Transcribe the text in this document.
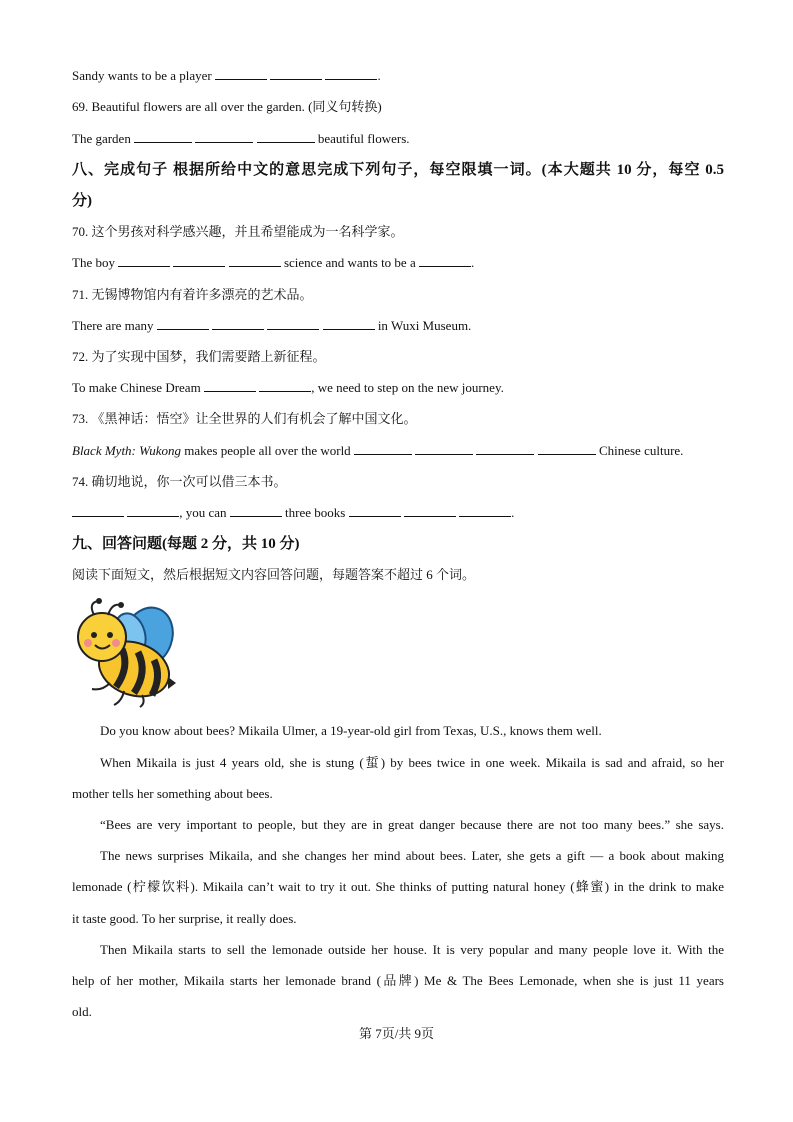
Sandy wants to be a player	.
69. Beautiful flowers are all over the garden. (同义句转换)
The garden	beautiful flowers.
八、完成句子 根据所给中文的意思完成下列句子，每空限填一词。(本大题共 10 分，每空 0.5
分)
70. 这个男孩对科学感兴趣，并且希望能成为一名科学家。
The boy	science and wants to be a	.
71. 无锡博物馆内有着许多漂亮的艺术品。
There are many	in Wuxi Museum.
72. 为了实现中国梦，我们需要踏上新征程。
To make Chinese Dream	, we need to step on the new journey.
73. 《黑神话：悟空》让全世界的人们有机会了解中国文化。
Black Myth: Wukong makes people all over the world	Chinese culture.
74. 确切地说，你一次可以借三本书。
, you can	three books	.
九、回答问题(每题 2 分，共 10 分)
阅读下面短文，然后根据短文内容回答问题，每题答案不超过 6 个词。
Do you know about bees? Mikaila Ulmer, a 19-year-old girl from Texas, U.S., knows them well.
When Mikaila is just 4 years old, she is stung (蜇) by bees twice in one week. Mikaila is sad and afraid, so her
mother tells her something about bees.
“Bees are very important to people, but they are in great danger because there are not too many bees.” she says.
The news surprises Mikaila, and she changes her mind about bees. Later, she gets a gift — a book about making
lemonade (柠檬饮料). Mikaila can’t wait to try it out. She thinks of putting natural honey (蜂蜜) in the drink to make
it taste good. To her surprise, it really does.
Then Mikaila starts to sell the lemonade outside her house. It is very popular and many people love it. With the
help of her mother, Mikaila starts her lemonade brand (品牌) Me & The Bees Lemonade, when she is just 11 years
old.
第 7页/共 9页
